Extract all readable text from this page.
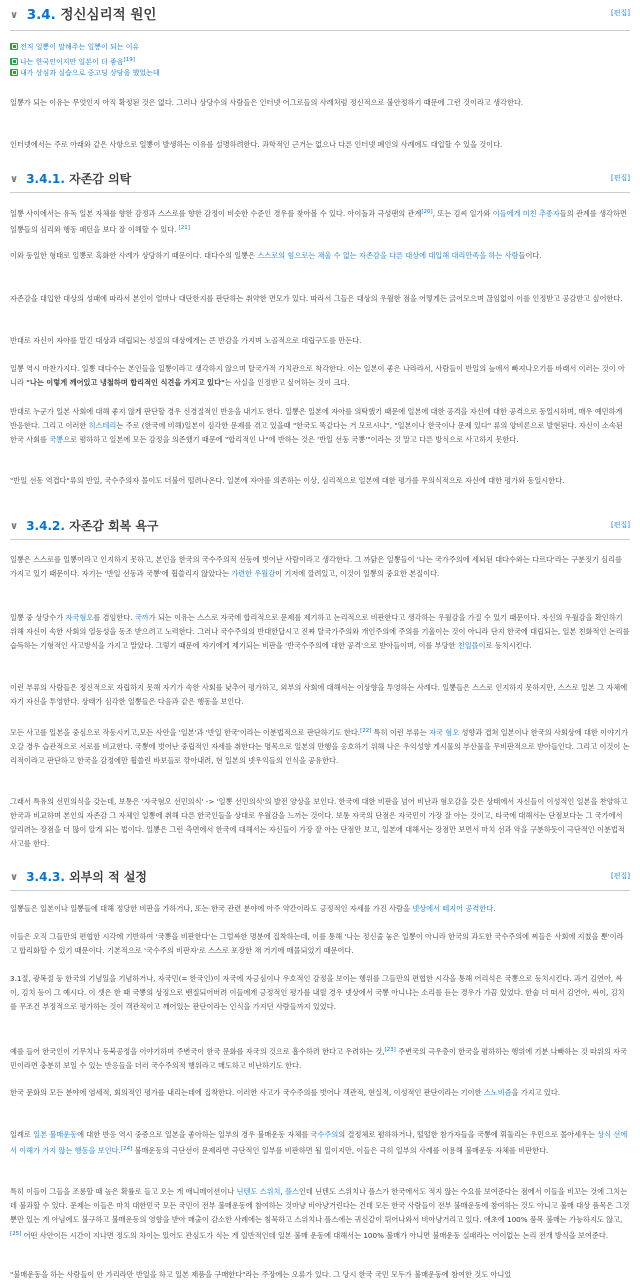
∨ 3.4. 정신심리적 원인	[편집]
전직 일뽕이 말해주는 일뽕이 되는 이유
나는 한국인이지만 일본이 더 좋음[19]
내가 상심과 실습으로 중고딩 상담을 했었는데

일뽕가 되는 이유는 무엇인지 아직 확정된 것은 없다. 그러나 상당수의 사람들은 인터넷 어그로들의 사례처럼 정신적으로 불안정하기 때문에 그런 것이라고 생각한다.

인터넷에서는 주로 아래와 같은 사항으로 일뽕이 발생하는 이유를 설명하려한다. 과학적인 근거는 없으나 다른 인터넷 폐인의 사례에도 대입할 수 있을 것이다.

∨ 3.4.1. 자존감 의탁	[편집]

일뽕 사이에서는 유독 일본 자체를 향한 감정과 스스로를 향한 감정이 비슷한 수준인 경우를 찾아볼 수 있다. 아이돌과 극성팬의 관계[20], 또는 김씨 일가와 이들에게 미친 추종자들의 관계를 생각하면 일뽕들의 심리와 행동 패턴을 보다 잘 이해할 수 있다. [21]

이와 동일한 형태로 일뽕로 혹화한 사례가 상당하기 때문이다. 대다수의 일뽕은 스스로의 힘으로는 채울 수 없는 자존감을 다른 대상에 대입해 대리만족을 하는 사람들이다.

자존감을 대입한 대상의 성패에 따라서 본인이 얼마나 대단한지를 판단하는 취약한 면모가 있다. 따라서 그들은 대상의 우월한 점을 어떻게든 긁어모으며 끊임없이 이를 인정받고 공감받고 싶어한다.

반대로 자신이 자아를 맡긴 대상과 대립되는 성질의 대상에게는 큰 반감을 가지며 노골적으로 대립구도를 만든다.

일뽕 역시 마찬가지다. 일뽕 대다수는 본인들을 일뽕이라고 생각하지 않으며 탈국가적 가치관으로 착각한다. 이는 일본이 좋은 나라라서, 사람들이 반일의 늪에서 빠져나오기를 바래서 이러는 것이 아니라 "나는 이렇게 깨어있고 냉철하며 합리적인 식견을 가지고 있다"는 사실을 인정받고 싶어하는 것이 크다.

반대로 누군가 일본 사회에 대해 좋지 않게 판단할 경우 신경질적인 반응을 내기도 한다. 일뽕은 일본에 자아를 의탁했기 때문에 일본에 대한 공격을 자신에 대한 공격으로 동일시하며, 매우 예민하게 반응한다. 그리고 이러한 히스테리는 주로 (한국에 비해)일본이 심각한 문제를 겪고 있을때 "한국도 똑같다는 거 모르시냐", "일본이나 한국이나 문제 있다" 류의 양비론으로 발현된다. 자신이 소속된 한국 사회를 국뽕으로 폄하하고 일본에 모든 감정을 의존했기 때문에 "합리적인 나"에 반하는 것은 '반일 선동 국뽕'"이라는 것 말고 다른 방식으로 사고하지 못한다.

"반일 선동 역겹다"류의 반일, 국수주의자 몰이도 더불어 떨려나온다. 일본에 자아를 의존하는 이상, 심리적으로 일본에 대한 평가를 무의식적으로 자신에 대한 평가와 동일시한다.

∨ 3.4.2. 자존감 회복 욕구	[편집]

일뽕은 스스로를 일뽕이라고 인지하지 못하고, 본인을 한국의 국수주의적 선동에 벗어난 사람이라고 생각한다. 그 까닭은 일뽕들이 '나는 국가주의에 세뇌된 대다수와는 다르다'라는 구분짓기 심리를 가지고 있기 때문이다. 자기는 '반일 선동과 국뽕'에 휩쓸리지 않았다는 가련한 우월감이 기저에 깔려있고, 이것이 일뽕의 중요한 본질이다.

일뽕 중 상당수가 자국혐오를 겸임한다. 국까가 되는 이유는 스스로 자국에 합리적으로 문제를 제기하고 논리적으로 비판한다고 생각하는 우월감을 가질 수 있기 때문이다. 자신의 우월감을 확인하기 위해 자신이 속한 사회의 열등성을 동조 받으려고 노력한다. 그러나 국수주의의 반대한답시고 진짜 탈국가주의와 개인주의에 주의를 기울이는 것이 아니라 단지 한국에 대립되는, 일본 친화적인 논리를 습득하는 기형적인 사고방식을 가지고 말았다. 그렇기 때문에 자기에게 제기되는 비판을 '반국수주의에 대한 공격'으로 받아들이며, 이를 부당한 친일몰이로 등치시킨다.

이런 부류의 사람들은 정신적으로 자립하지 못해 자기가 속한 사회를 낮추어 평가하고, 외부의 사회에 대해서는 이상향을 투영하는 사례다. 일뽕들은 스스로 인지하지 못하지만, 스스로 일본 그 자체에 자기 자신을 투영한다. 상태가 심각한 일뽕들은 다음과 같은 행동을 보인다.

모든 사고를 일본을 중심으로 작동시키고,모든 사안을 '일본'과 '반일 한국'이라는 이분법적으로 판단하기도 한다.[22] 특히 이런 부류는 자국 혐오 성향과 겹쳐 일본이나 한국의 사회상에 대한 이야기가 오갈 경우 습관적으로 서로를 비교한다. 국뽕에 벗어난 중립적인 자세를 취한다는 명목으로 일본의 만행을 옹호하기 위해 나은 우익성향 게시물의 부산물을 무비판적으로 받아들인다. 그리고 이것이 논리적이라고 판단하고 한국을 감정에만 휩쓸린 바보들로 깎아내려, 현 일본의 넷우익들의 인식을 공유한다.

그래서 특유의 선민의식을 갖는데, 보통은 '자국혐오 선민의식' -> '일뽕 선민의식'의 발전 양상을 보인다. 한국에 대한 비판을 넘어 비난과 혐오감을 갖은 상태에서 자신들이 이성적인 일본을 찬양하고 한국과 비교하며 본인의 자존감 그 자체인 일뽕에 취해 다른 한국인들을 상대로 우월감을 느끼는 것이다. 보통 자국의 단점은 자국민이 가장 잘 아는 것이고, 타국에 대해서는 단점보다는 그 국가에서 알리려는 장점을 더 많이 알게 되는 법이다. 일뽕은 그런 측면에서 한국에 대해서는 자신들이 가장 잘 아는 단점만 보고, 일본에 대해서는 장점만 보면서 마치 선과 악을 구분하듯이 극단적인 이분법적 사고를 한다.

∨ 3.4.3. 외부의 적 설정	[편집]

일뽕들은 일본이나 일뽕들에 대해 정당한 비판을 가하거나, 또는 한국 관련 분야에 아주 약간이라도 긍정적인 자세를 가진 사람을 넷상에서 떼지어 공격한다.

이들은 오직 그들만의 편협한 시각에 기반하여 '국뽕을 비판한다'는 그럴싸한 명분에 집착하는데, 이를 통해 '나는 정신줄 놓은 일뽕이 아니라 한국의 과도한 국수주의에 찌들은 사회에 지쳤을 뿐'이라고 합리화할 수 있기 때문이다. 기본적으로 '국수주의 비판자'로 스스로 포장한 채 거기에 매몰되었기 때문이다.

3.1절, 광복절 등 한국의 기념일을 기념하거나, 자국민(= 한국인)이 자국에 자긍심이나 우호적인 감정을 보이는 행위를 그들만의 편협한 시각을 통해 어리석은 국뽕으로 등치시킨다. 과거 김연아, 싸이, 김치 등이 그 예시다. 이 셋은 한 때 국뽕의 상징으로 밴질되어버려 이들에게 긍정적인 평가를 내릴 경우 넷상에서 국뽕 아니냐는 소리를 듣는 경우가 가끔 있었다. 한술 더 떠서 김연아, 싸이, 김치를 무조건 부정적으로 평가하는 것이 객관적이고 깨어있는 판단이라는 인식을 가지던 사람들까지 있었다.

예를 들어 한국인이 기무치나 동북공정을 이야기하며 주변국이 한국 문화를 자국의 것으로 흡수하려 한다고 우려하는 것,[23] 주변국의 극우층이 한국을 폄하하는 행위에 기분 나빠하는 것 따위의 자국민이라면 충분히 보일 수 있는 반응들을 더러 국수주의적 행위라고 매도하고 비난하기도 한다.

한국 문화의 모든 분야에 염세적, 회의적인 평가를 내리는데에 집착한다. 이러한 사고가 국수주의를 벗어나 객관적, 현실적, 이성적인 판단이라는 기이한 스노비즘을 가지고 있다.

일례로 일본 불매운동에 대한 반응 역시 중증으로 일본을 좋아하는 일부의 경우 불매운동 자체를 국수주의의 결정체로 폄하하거나, 떨떨한 참가자들을 국뽕에 휘둘리는 우민으로 몰아세우는 상식 선에서 이해가 가지 않는 행동을 보인다.[24] 불매운동의 극단선이 문제라면 극단적인 일부를 비판하면 될 일이지만, 이들은 극히 일부의 사례를 이용해 불매운동 자체를 비판한다.

특히 이들이 그들을 조롱할 때 높은 확률로 들고 오는 게 애니메이션이나 닌텐도 스위치, 플스인데 닌텐도 스위치나 플스가 한국에서도 적지 않는 수요를 보여준다는 점에서 이들을 비꼬는 것에 그치는데 불과할 수 있다. 문제는 이들은 마치 대한민국 모든 국민이 전부 불매운동에 참여하는 것마냥 비아냥거린다는 건데 모든 한국 사람들이 전부 불매운동에 참여하는 것도 아니고 불매 대상 품목은 그것뿐만 있는 게 아님에도 불구하고 불매운동의 영향을 받아 매출이 감소한 사례에는 침묵하고 스위치나 플스에는 귀신같이 튀어나와서 비아냥거리고 있다. 애초에 100% 품목 불매는 가능하지도 않고,[25] 어떤 사안이든 시간이 지나면 정도의 차이는 있어도 관심도가 식는 게 일반적인데 일본 불매 운동에 대해서는 100% 불매가 아니면 불매운동 실패라는 어이없는 논리 전개 방식을 보여준다.

"불매운동을 하는 사람들이 안 가리라만 반일을 하고 일본 제품을 구매한다"라는 주장에는 오류가 있다. 그 당시 한국 국민 모두가 불매운동에 참여한 것도 아니었
